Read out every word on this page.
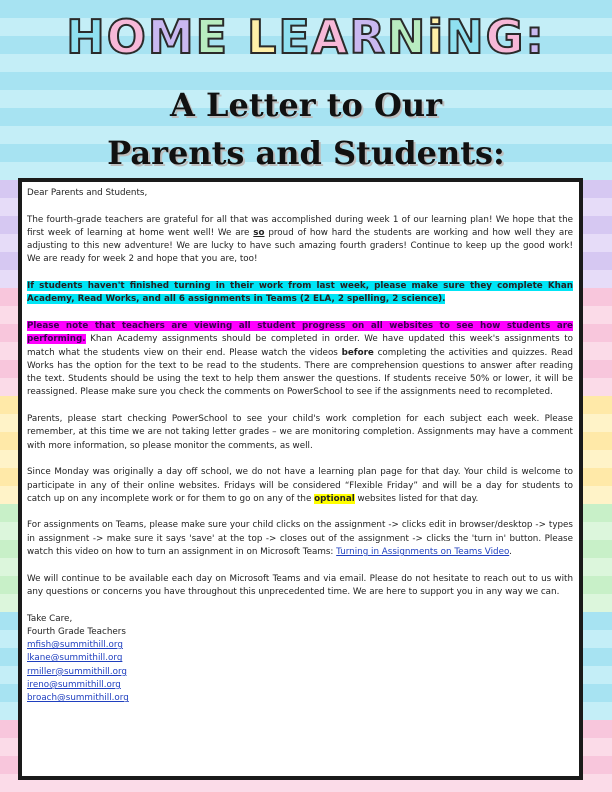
HOME LEARNiNG:
A Letter to Our
Parents and Students:

Dear Parents and Students,

The fourth-grade teachers are grateful for all that was accomplished during week 1 of our learning plan! We hope that the first week of learning at home went well! We are so proud of how hard the students are working and how well they are adjusting to this new adventure! We are lucky to have such amazing fourth graders! Continue to keep up the good work! We are ready for week 2 and hope that you are, too!

If students haven't finished turning in their work from last week, please make sure they complete Khan Academy, Read Works, and all 6 assignments in Teams (2 ELA, 2 spelling, 2 science).

Please note that teachers are viewing all student progress on all websites to see how students are performing. Khan Academy assignments should be completed in order. We have updated this week's assignments to match what the students view on their end. Please watch the videos before completing the activities and quizzes. Read Works has the option for the text to be read to the students. There are comprehension questions to answer after reading the text. Students should be using the text to help them answer the questions. If students receive 50% or lower, it will be reassigned. Please make sure you check the comments on PowerSchool to see if the assignments need to recompleted.

Parents, please start checking PowerSchool to see your child's work completion for each subject each week. Please remember, at this time we are not taking letter grades – we are monitoring completion. Assignments may have a comment with more information, so please monitor the comments, as well.

Since Monday was originally a day off school, we do not have a learning plan page for that day. Your child is welcome to participate in any of their online websites. Fridays will be considered “Flexible Friday” and will be a day for students to catch up on any incomplete work or for them to go on any of the optional websites listed for that day.

For assignments on Teams, please make sure your child clicks on the assignment -> clicks edit in browser/desktop -> types in assignment -> make sure it says 'save' at the top -> closes out of the assignment -> clicks the 'turn in' button. Please watch this video on how to turn an assignment in on Microsoft Teams: Turning in Assignments on Teams Video.

We will continue to be available each day on Microsoft Teams and via email. Please do not hesitate to reach out to us with any questions or concerns you have throughout this unprecedented time. We are here to support you in any way we can.

Take Care,
Fourth Grade Teachers
mfish@summithill.org
lkane@summithill.org
rmiller@summithill.org
ireno@summithill.org
broach@summithill.org
